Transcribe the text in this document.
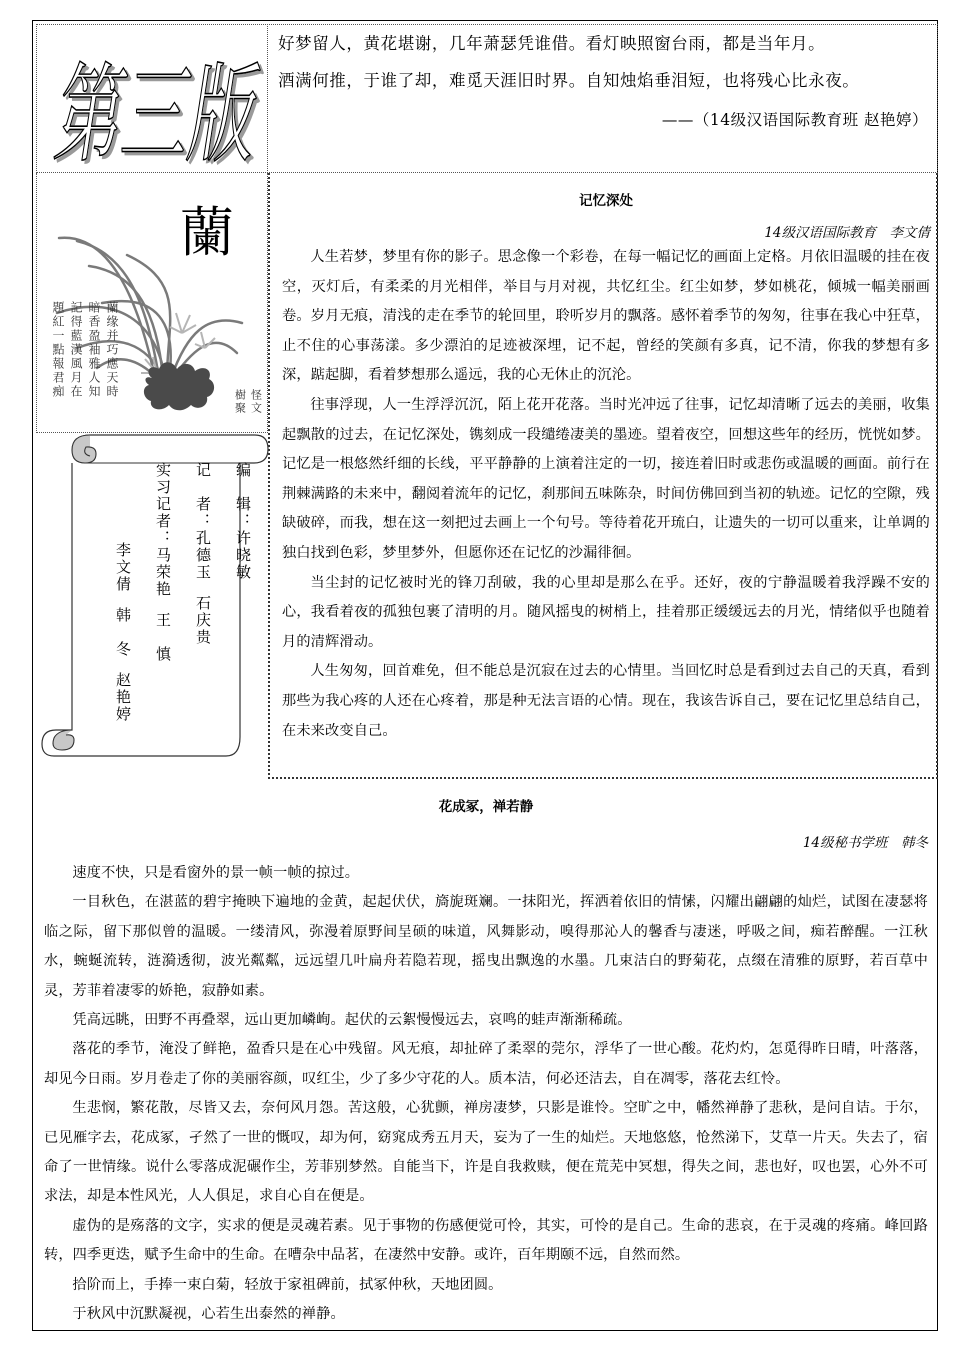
第三版

好梦留人，黄花堪谢，几年萧瑟凭谁借。看灯映照窗台雨，都是当年月。

酒满何推，于谁了却，难觅天涯旧时界。自知烛焰垂泪短，也将残心比永夜。

——（14级汉语国际教育班 赵艳婷）
蘭
蘭缘并巧應天時
暗香盈袖雅人知
記得藍漢風月在
題紅一點報君痴
怪文
樹聚
编　辑：许晓敏
记　者：孔德玉石庆贵
实习记者：马荣艳王　慎
李文倩韩　冬赵艳婷
记忆深处
14级汉语国际教育　李文倩

人生若梦，梦里有你的影子。思念像一个彩卷，在每一幅记忆的画面上定格。月依旧温暖的挂在夜空，灭灯后，有柔柔的月光相伴，举目与月对视，共忆红尘。红尘如梦，梦如桃花，倾城一幅美丽画卷。岁月无痕，清浅的走在季节的轮回里，聆听岁月的飘落。感怀着季节的匆匆，往事在我心中狂草，止不住的心事荡漾。多少漂泊的足迹被深埋，记不起，曾经的笑颜有多真，记不清，你我的梦想有多深，踮起脚，看着梦想那么遥远，我的心无休止的沉沦。

往事浮现，人一生浮浮沉沉，陌上花开花落。当时光冲远了往事，记忆却清晰了远去的美丽，收集起飘散的过去，在记忆深处，镌刻成一段缱绻凄美的墨迹。望着夜空，回想这些年的经历，恍恍如梦。记忆是一根悠然纤细的长线，平平静静的上演着注定的一切，接连着旧时或悲伤或温暖的画面。前行在荆棘满路的未来中，翻阅着流年的记忆，刹那间五味陈杂，时间仿佛回到当初的轨迹。记忆的空隙，残缺破碎，而我，想在这一刻把过去画上一个句号。等待着花开琉白，让遗失的一切可以重来，让单调的独白找到色彩，梦里梦外，但愿你还在记忆的沙漏徘徊。

当尘封的记忆被时光的锋刀刮破，我的心里却是那么在乎。还好，夜的宁静温暖着我浮躁不安的心，我看着夜的孤独包裹了清明的月。随风摇曳的树梢上，挂着那正缓缓远去的月光，情绪似乎也随着月的清辉滑动。

人生匆匆，回首难免，但不能总是沉寂在过去的心情里。当回忆时总是看到过去自己的天真，看到那些为我心疼的人还在心疼着，那是种无法言语的心情。现在，我该告诉自己，要在记忆里总结自己，在未来改变自己。

花成冢，禅若静
14级秘书学班　韩冬

速度不快，只是看窗外的景一帧一帧的掠过。

一目秋色，在湛蓝的碧宇掩映下遍地的金黄，起起伏伏，旖旎斑斓。一抹阳光，挥洒着依旧的情愫，闪耀出翩翩的灿烂，试图在凄瑟将临之际，留下那似曾的温暖。一缕清风，弥漫着原野间呈硕的味道，风舞影动，嗅得那沁人的馨香与凄迷，呼吸之间，痴若醉醒。一江秋水，蜿蜒流转，涟漪透彻，波光粼粼，远远望几叶扁舟若隐若现，摇曳出飘逸的水墨。几束洁白的野菊花，点缀在清雅的原野，若百草中灵，芳菲着凄零的娇艳，寂静如素。

凭高远眺，田野不再叠翠，远山更加嶙峋。起伏的云絮慢慢远去，哀鸣的蛙声渐渐稀疏。

落花的季节，淹没了鲜艳，盈香只是在心中残留。风无痕，却扯碎了柔翠的莞尔，浮华了一世心酸。花灼灼，怎觅得昨日晴，叶落落，却见今日雨。岁月卷走了你的美丽容颜，叹红尘，少了多少守花的人。质本洁，何必还洁去，自在凋零，落花去红怜。

生悲悯，繁花散，尽皆又去，奈何风月怨。苦这般，心犹颤，禅房凄梦，只影是谁怜。空旷之中，幡然禅静了悲秋，是问自诘。于尔，已见雁字去，花成冢，孑然了一世的慨叹，却为何，窈窕成秀五月天，妄为了一生的灿烂。天地悠悠，怆然涕下，艾草一片天。失去了，宿命了一世情缘。说什么零落成泥碾作尘，芳菲别梦然。自能当下，许是自我救赎，便在荒芜中冥想，得失之间，悲也好，叹也罢，心外不可求法，却是本性风光，人人俱足，求自心自在便是。

虚伪的是殇落的文字，实求的便是灵魂若素。见于事物的伤感便觉可怜，其实，可怜的是自己。生命的悲哀，在于灵魂的疼痛。峰回路转，四季更迭，赋予生命中的生命。在嘈杂中品茗，在凄然中安静。或许，百年期颐不远，自然而然。

拾阶而上，手捧一束白菊，轻放于家祖碑前，拭冢仲秋，天地团圆。

于秋风中沉默凝视，心若生出泰然的禅静。
